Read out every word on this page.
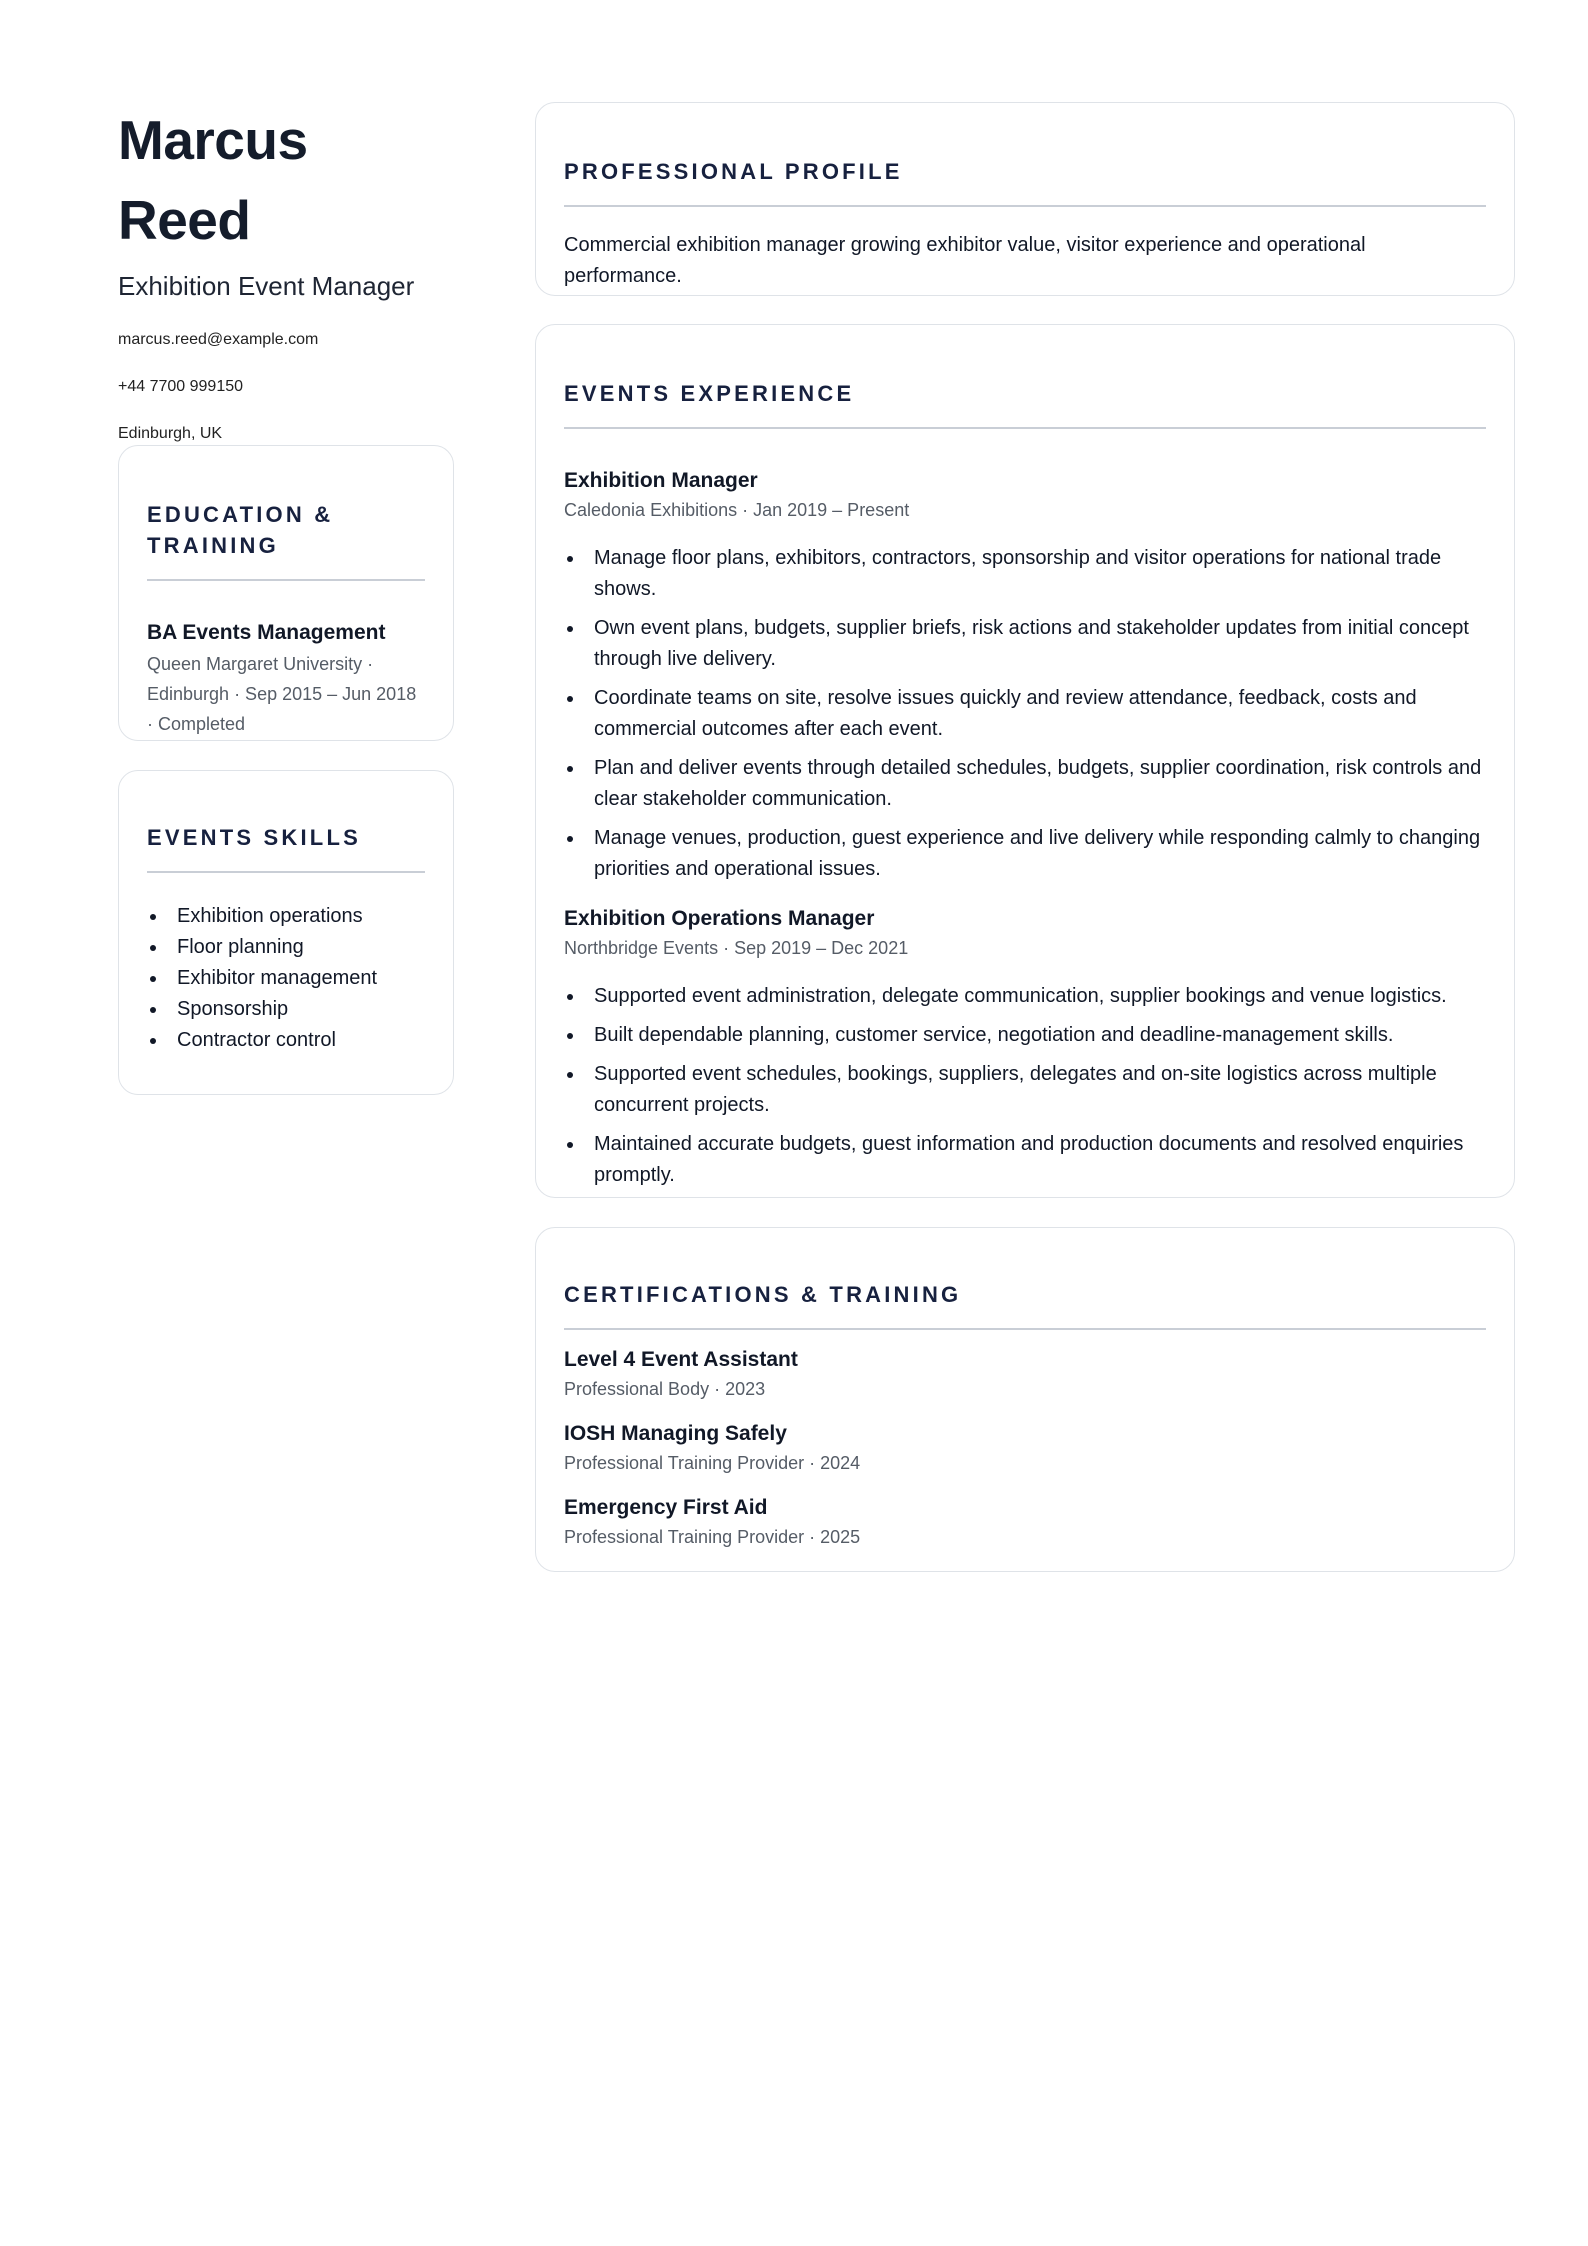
Marcus Reed
Exhibition Event Manager
marcus.reed@example.com
+44 7700 999150
Edinburgh, UK
EDUCATION & TRAINING
BA Events Management
Queen Margaret University ·
Edinburgh · Sep 2015 – Jun 2018
· Completed
EVENTS SKILLS
Exhibition operations
Floor planning
Exhibitor management
Sponsorship
Contractor control
PROFESSIONAL PROFILE
Commercial exhibition manager growing exhibitor value, visitor experience and operational performance.
EVENTS EXPERIENCE
Exhibition Manager
Caledonia Exhibitions · Jan 2019 – Present
Manage floor plans, exhibitors, contractors, sponsorship and visitor operations for national trade shows.
Own event plans, budgets, supplier briefs, risk actions and stakeholder updates from initial concept through live delivery.
Coordinate teams on site, resolve issues quickly and review attendance, feedback, costs and commercial outcomes after each event.
Plan and deliver events through detailed schedules, budgets, supplier coordination, risk controls and clear stakeholder communication.
Manage venues, production, guest experience and live delivery while responding calmly to changing priorities and operational issues.
Exhibition Operations Manager
Northbridge Events · Sep 2019 – Dec 2021
Supported event administration, delegate communication, supplier bookings and venue logistics.
Built dependable planning, customer service, negotiation and deadline-management skills.
Supported event schedules, bookings, suppliers, delegates and on-site logistics across multiple concurrent projects.
Maintained accurate budgets, guest information and production documents and resolved enquiries promptly.
CERTIFICATIONS & TRAINING
Level 4 Event Assistant
Professional Body · 2023
IOSH Managing Safely
Professional Training Provider · 2024
Emergency First Aid
Professional Training Provider · 2025
